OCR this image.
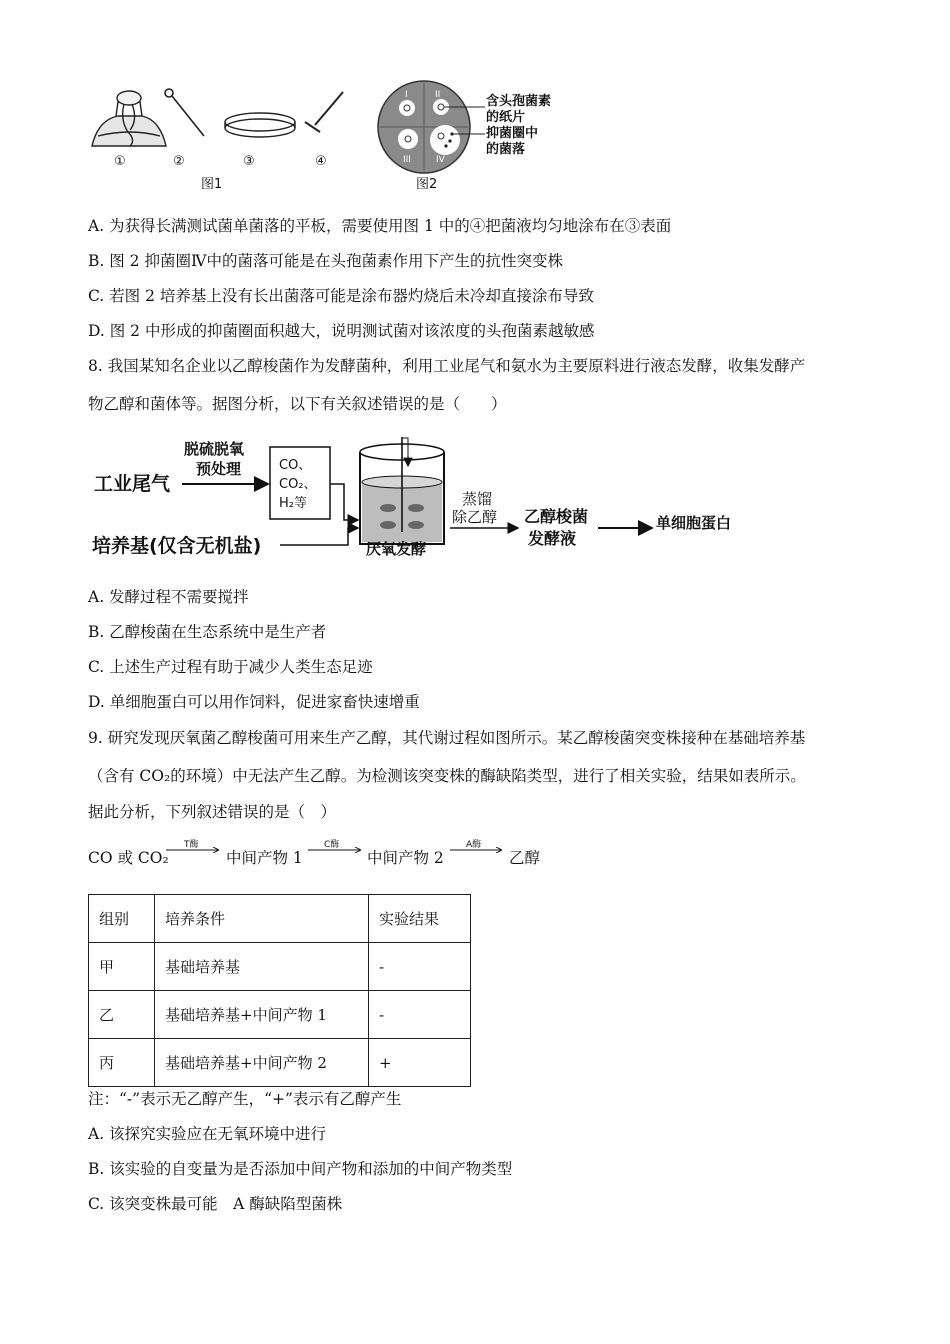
①	②	③	④
图1
I	II
III	IV
含头孢菌素
的纸片
抑菌圈中
的菌落
图2
A. 为获得长满测试菌单菌落的平板，需要使用图 1 中的④把菌液均匀地涂布在③表面
B. 图 2 抑菌圈Ⅳ中的菌落可能是在头孢菌素作用下产生的抗性突变株
C. 若图 2 培养基上没有长出菌落可能是涂布器灼烧后未冷却直接涂布导致
D. 图 2 中形成的抑菌圈面积越大，说明测试菌对该浓度的头孢菌素越敏感
8. 我国某知名企业以乙醇梭菌作为发酵菌种，利用工业尾气和氨水为主要原料进行液态发酵，收集发酵产
物乙醇和菌体等。据图分析，以下有关叙述错误的是（　　）
工业尾气
脱硫脱氧
预处理	CO、
CO₂、
H₂等
培养基(仅含无机盐)	厌氧发酵
蒸馏
除乙醇 乙醇梭菌
发酵液
单细胞蛋白
A. 发酵过程不需要搅拌
B. 乙醇梭菌在生态系统中是生产者
C. 上述生产过程有助于减少人类生态足迹
D. 单细胞蛋白可以用作饲料，促进家畜快速增重
9. 研究发现厌氧菌乙醇梭菌可用来生产乙醇，其代谢过程如图所示。某乙醇梭菌突变株接种在基础培养基
（含有 CO₂的环境）中无法产生乙醇。为检测该突变株的酶缺陷类型，进行了相关实验，结果如表所示。
据此分析，下列叙述错误的是（　）
CO 或 CO₂
T酶
中间产物 1
C酶
中间产物 2
A酶
乙醇
组别	培养条件	实验结果
甲	基础培养基	-
乙	基础培养基+中间产物 1	-
丙	基础培养基+中间产物 2	+
注：“-”表示无乙醇产生，“+”表示有乙醇产生
A. 该探究实验应在无氧环境中进行
B. 该实验的自变量为是否添加中间产物和添加的中间产物类型
C. 该突变株最可能　A 酶缺陷型菌株
